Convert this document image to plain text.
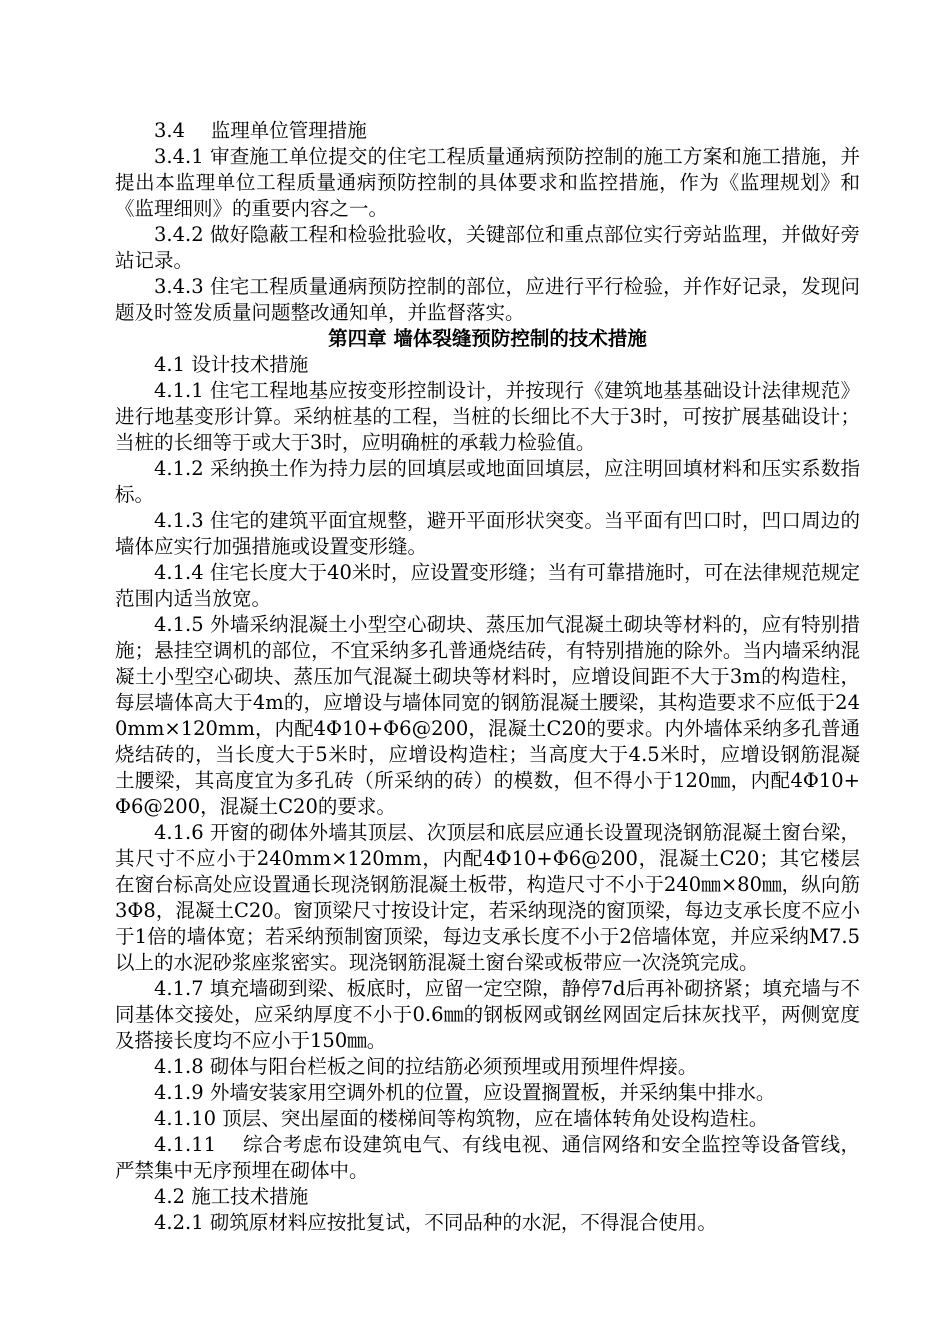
3.4　 监理单位管理措施

3.4.1 审查施工单位提交的住宅工程质量通病预防控制的施工方案和施工措施，并提出本监理单位工程质量通病预防控制的具体要求和监控措施，作为《监理规划》和《监理细则》的重要内容之一。

3.4.2 做好隐蔽工程和检验批验收，关键部位和重点部位实行旁站监理，并做好旁站记录。

3.4.3 住宅工程质量通病预防控制的部位，应进行平行检验，并作好记录，发现问题及时签发质量问题整改通知单，并监督落实。

第四章 墙体裂缝预防控制的技术措施

4.1 设计技术措施

4.1.1 住宅工程地基应按变形控制设计，并按现行《建筑地基基础设计法律规范》进行地基变形计算。采纳桩基的工程，当桩的长细比不大于3时，可按扩展基础设计；当桩的长细等于或大于3时，应明确桩的承载力检验值。

4.1.2 采纳换土作为持力层的回填层或地面回填层，应注明回填材料和压实系数指标。

4.1.3 住宅的建筑平面宜规整，避开平面形状突变。当平面有凹口时，凹口周边的墙体应实行加强措施或设置变形缝。

4.1.4 住宅长度大于40米时，应设置变形缝；当有可靠措施时，可在法律规范规定范围内适当放宽。

4.1.5 外墙采纳混凝土小型空心砌块、蒸压加气混凝土砌块等材料的，应有特别措施；悬挂空调机的部位，不宜采纳多孔普通烧结砖，有特别措施的除外。当内墙采纳混凝土小型空心砌块、蒸压加气混凝土砌块等材料时，应增设间距不大于3m的构造柱，每层墙体高大于4m的，应增设与墙体同宽的钢筋混凝土腰梁，其构造要求不应低于240mm×120mm，内配4Φ10+Φ6@200，混凝土C20的要求。内外墙体采纳多孔普通烧结砖的，当长度大于5米时，应增设构造柱；当高度大于4.5米时，应增设钢筋混凝土腰梁，其高度宜为多孔砖（所采纳的砖）的模数，但不得小于120㎜，内配4Φ10+Φ6@200，混凝土C20的要求。

4.1.6 开窗的砌体外墙其顶层、次顶层和底层应通长设置现浇钢筋混凝土窗台梁，其尺寸不应小于240mm×120mm，内配4Φ10+Φ6@200，混凝土C20；其它楼层在窗台标高处应设置通长现浇钢筋混凝土板带，构造尺寸不小于240㎜×80㎜，纵向筋3Φ8，混凝土C20。窗顶梁尺寸按设计定，若采纳现浇的窗顶梁，每边支承长度不应小于1倍的墙体宽；若采纳预制窗顶梁，每边支承长度不小于2倍墙体宽，并应采纳M7.5以上的水泥砂浆座浆密实。现浇钢筋混凝土窗台梁或板带应一次浇筑完成。

4.1.7 填充墙砌到梁、板底时，应留一定空隙，静停7d后再补砌挤紧；填充墙与不同基体交接处，应采纳厚度不小于0.6㎜的钢板网或钢丝网固定后抹灰找平，两侧宽度及搭接长度均不应小于150㎜。

4.1.8 砌体与阳台栏板之间的拉结筋必须预埋或用预埋件焊接。

4.1.9 外墙安装家用空调外机的位置，应设置搁置板，并采纳集中排水。

4.1.10 顶层、突出屋面的楼梯间等构筑物，应在墙体转角处设构造柱。

4.1.11　 综合考虑布设建筑电气、有线电视、通信网络和安全监控等设备管线，严禁集中无序预埋在砌体中。

4.2 施工技术措施

4.2.1 砌筑原材料应按批复试，不同品种的水泥，不得混合使用。
